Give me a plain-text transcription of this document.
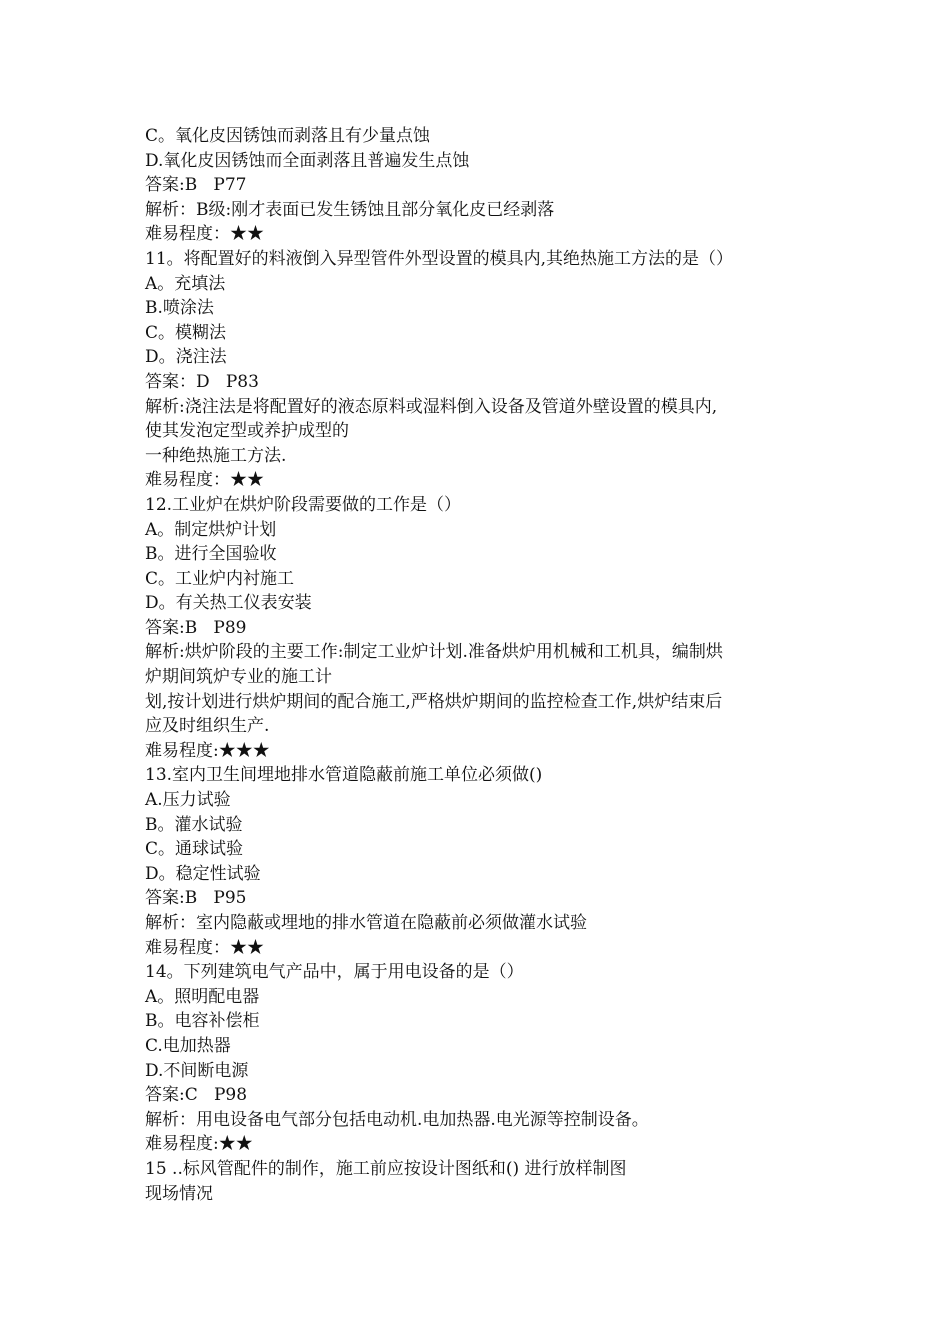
C。氧化皮因锈蚀而剥落且有少量点蚀
D.氧化皮因锈蚀而全面剥落且普遍发生点蚀
答案:B   P77
解析：B级:刚才表面已发生锈蚀且部分氧化皮已经剥落
难易程度：★★
11。将配置好的料液倒入异型管件外型设置的模具内,其绝热施工方法的是（）
A。充填法
B.喷涂法
C。模糊法
D。浇注法
答案：D   P83
解析:浇注法是将配置好的液态原料或湿料倒入设备及管道外壁设置的模具内,
使其发泡定型或养护成型的
一种绝热施工方法.
难易程度：★★
12.工业炉在烘炉阶段需要做的工作是（）
A。制定烘炉计划
B。进行全国验收
C。工业炉内衬施工
D。有关热工仪表安装
答案:B   P89
解析:烘炉阶段的主要工作:制定工业炉计划.准备烘炉用机械和工机具，编制烘
炉期间筑炉专业的施工计
划,按计划进行烘炉期间的配合施工,严格烘炉期间的监控检查工作,烘炉结束后
应及时组织生产.
难易程度:★★★
13.室内卫生间埋地排水管道隐蔽前施工单位必须做()
A.压力试验
B。灌水试验
C。通球试验
D。稳定性试验
答案:B   P95
解析：室内隐蔽或埋地的排水管道在隐蔽前必须做灌水试验
难易程度：★★
14。下列建筑电气产品中，属于用电设备的是（）
A。照明配电器
B。电容补偿柜
C.电加热器
D.不间断电源
答案:C   P98
解析：用电设备电气部分包括电动机.电加热器.电光源等控制设备。
难易程度:★★
15 ..标风管配件的制作，施工前应按设计图纸和() 进行放样制图
现场情况
